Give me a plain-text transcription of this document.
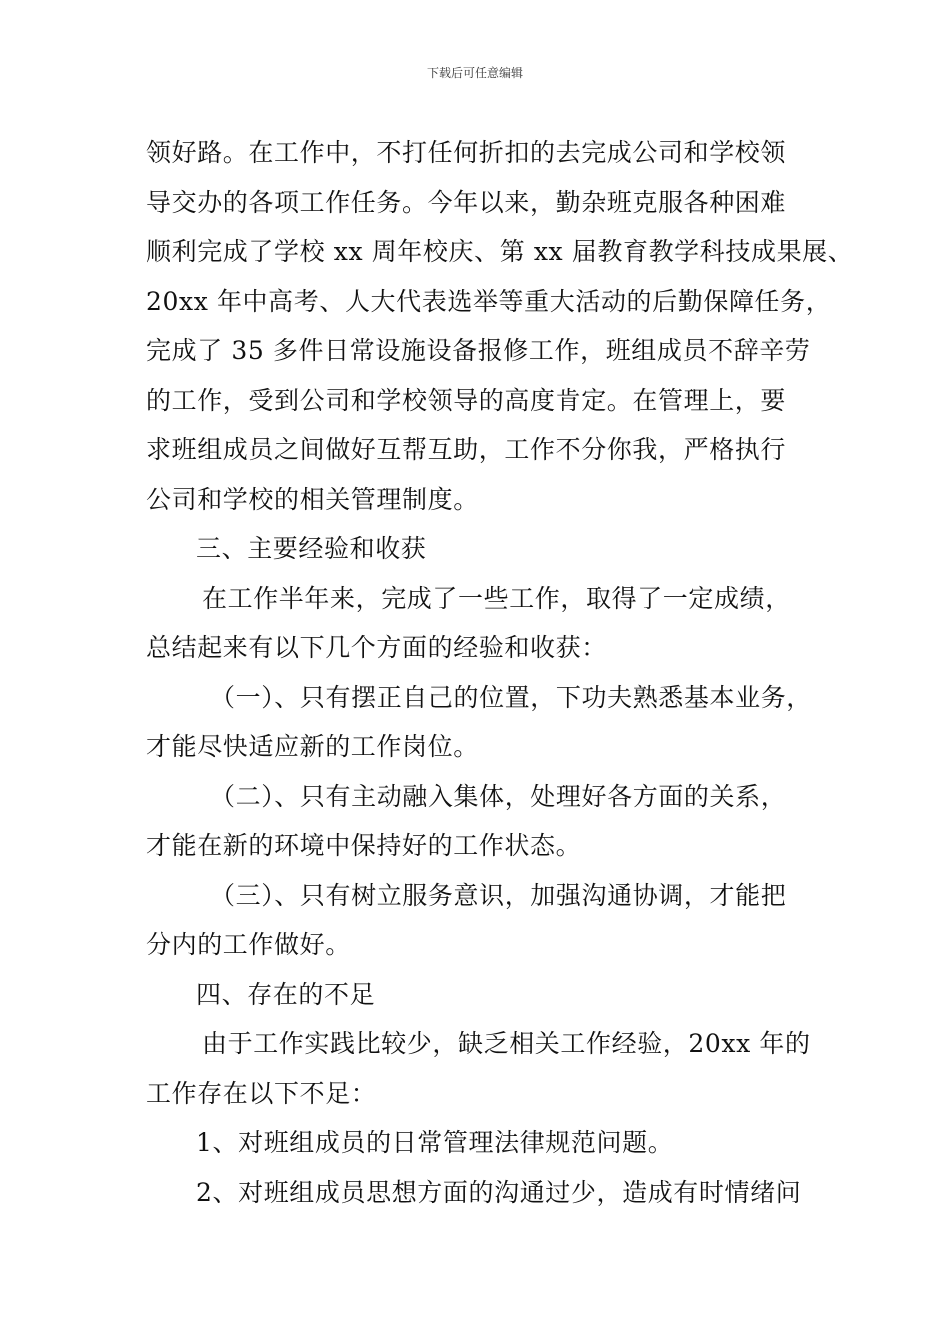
下载后可任意编辑
领好路。在工作中，不打任何折扣的去完成公司和学校领
导交办的各项工作任务。今年以来，勤杂班克服各种困难
顺利完成了学校 xx 周年校庆、第 xx 届教育教学科技成果展、
20xx 年中高考、人大代表选举等重大活动的后勤保障任务，
完成了 35 多件日常设施设备报修工作，班组成员不辞辛劳
的工作，受到公司和学校领导的高度肯定。在管理上，要
求班组成员之间做好互帮互助，工作不分你我，严格执行
公司和学校的相关管理制度。
三、主要经验和收获
在工作半年来，完成了一些工作，取得了一定成绩，
总结起来有以下几个方面的经验和收获：
（一）、只有摆正自己的位置，下功夫熟悉基本业务，
才能尽快适应新的工作岗位。
（二）、只有主动融入集体，处理好各方面的关系，
才能在新的环境中保持好的工作状态。
（三）、只有树立服务意识，加强沟通协调，才能把
分内的工作做好。
四、存在的不足
由于工作实践比较少，缺乏相关工作经验，20xx 年的
工作存在以下不足：
1、对班组成员的日常管理法律规范问题。
2、对班组成员思想方面的沟通过少，造成有时情绪问
